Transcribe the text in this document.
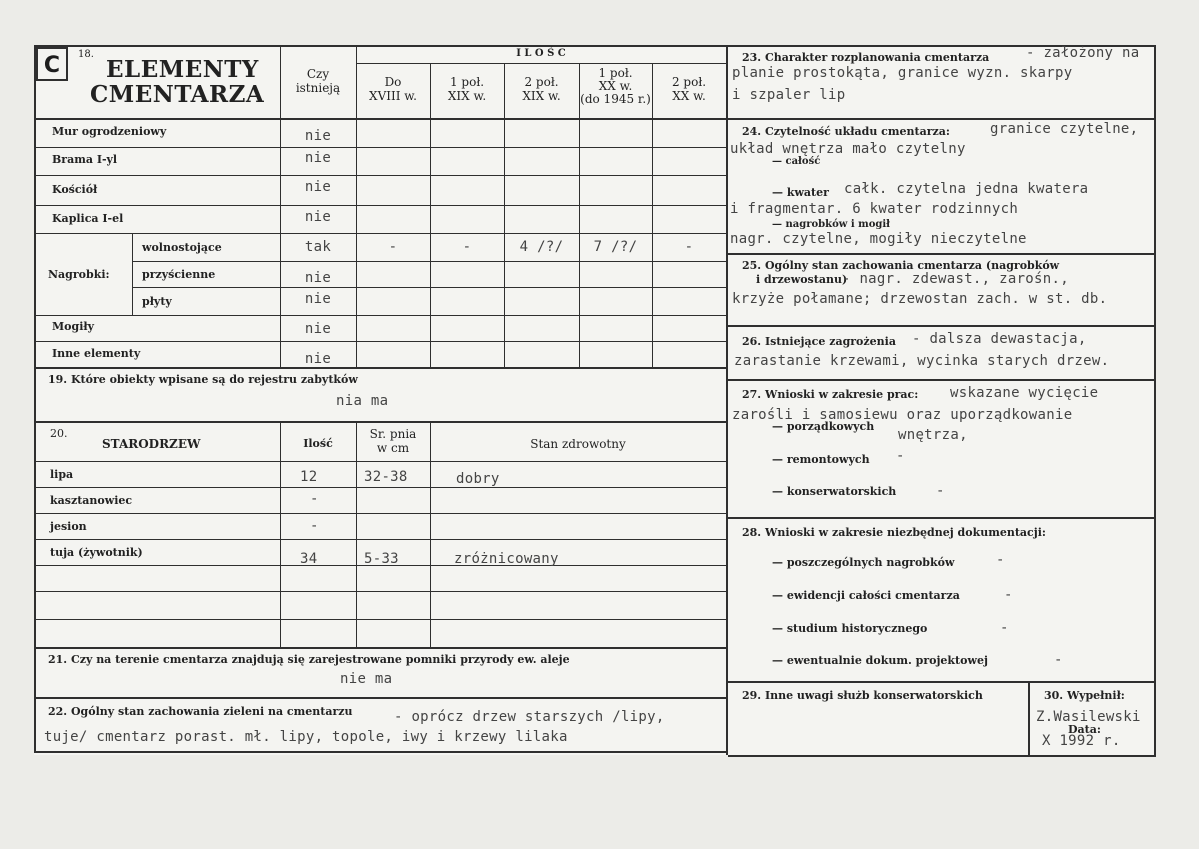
C	18.
ELEMENTY
CMENTARZA
Czy
istnieją
I L O Ś C
Do
XVIII w.
1 poł.
XIX w.
2 poł.
XIX w.
1 poł.
XX w.
(do 1945 r.)
2 poł.
XX w.
Mur ogrodzeniowy	nie
Brama I-yl	nie
Kościół	nie
Kaplica I-el	nie
Nagrobki:
wolnostojące	tak	-	-	4 /?/	7 /?/	-
przyścienne	nie
płyty	nie
Mogiły	nie
Inne elementy	nie
19. Które obiekty wpisane są do rejestru zabytków
nia ma
20.
STARODRZEW	Ilość
Sr. pnia
w cm	Stan zdrowotny
lipa	12	32-38	dobry
kasztanowiec	-
jesion	-
tuja (żywotnik)	34	5-33	zróżnicowany
21. Czy na terenie cmentarza znajdują się zarejestrowane pomniki przyrody ew. aleje
nie ma
22. Ogólny stan zachowania zieleni na cmentarzu	- oprócz drzew starszych /lipy,
tuje/ cmentarz porast. mł. lipy, topole, iwy i krzewy lilaka
23. Charakter rozplanowania cmentarza	- założony na
planie prostokąta, granice wyzn. skarpy
i szpaler lip
24. Czytelność układu cmentarza:	granice czytelne,
układ wnętrza mało czytelny
— całość
— kwater całk. czytelna jedna kwatera
i fragmentar. 6 kwater rodzinnych
— nagrobków i mogił
nagr. czytelne, mogiły nieczytelne
25. Ogólny stan zachowania cmentarza (nagrobków
i drzewostanu)
- nagr. zdewast., zarośn.,
krzyże połamane; drzewostan zach. w st. db.
26. Istniejące zagrożenia - dalsza dewastacja,
zarastanie krzewami, wycinka starych drzew.
27. Wnioski w zakresie prac: wskazane wycięcie
zarośli i samosiewu oraz uporządkowanie
— porządkowych
wnętrza,
— remontowych -
— konserwatorskich	-
28. Wnioski w zakresie niezbędnej dokumentacji:
— poszczególnych nagrobków	-
— ewidencji całości cmentarza	-
— studium historycznego	-
— ewentualnie dokum. projektowej	-
29. Inne uwagi służb konserwatorskich	30. Wypełnił:
Z.Wasilewski
Data:
X 1992 r.
